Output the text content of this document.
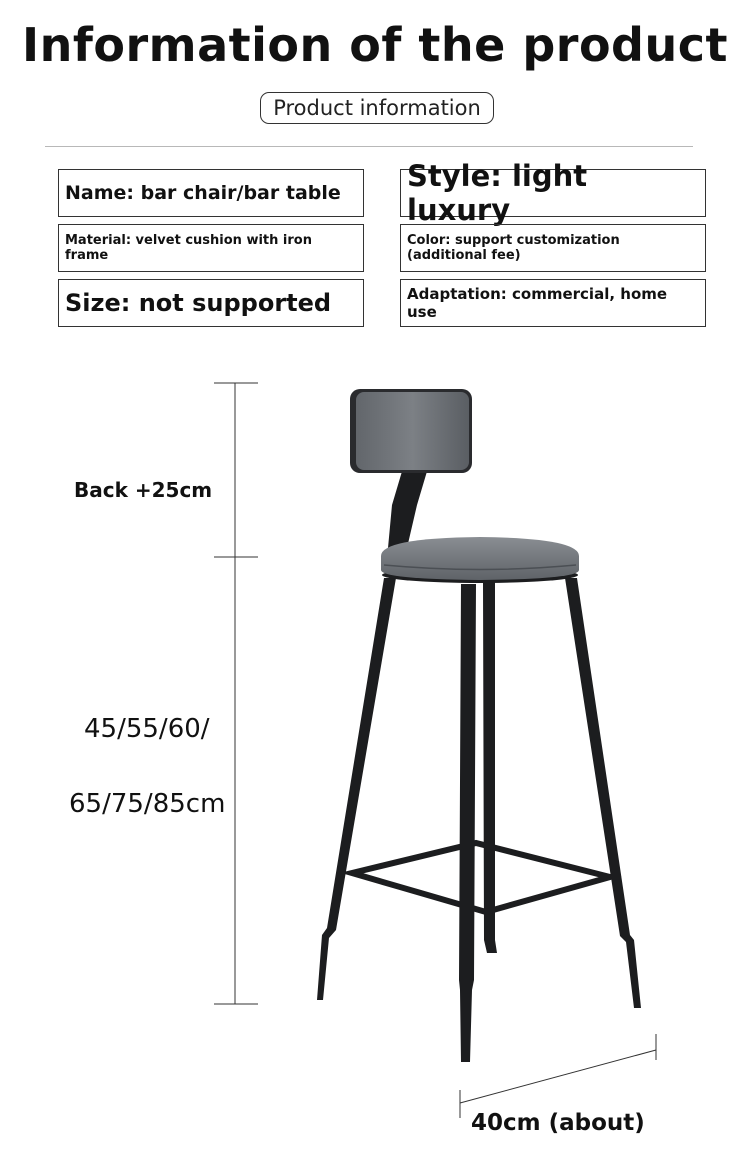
Information of the product
Product information
Name: bar chair/bar table	Style: light luxury
Material: velvet cushion with iron frame
Color: support customization (additional fee)
Size: not supported	Adaptation: commercial, home use
Back +25cm
45/55/60/
65/75/85cm
40cm (about)
